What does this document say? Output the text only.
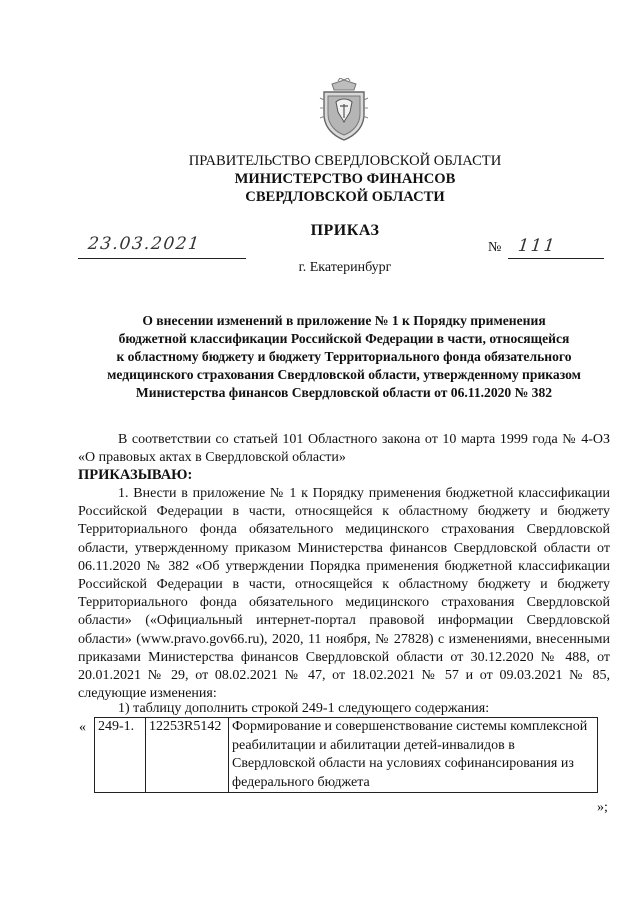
ПРАВИТЕЛЬСТВО СВЕРДЛОВСКОЙ ОБЛАСТИ
МИНИСТЕРСТВО ФИНАНСОВ
СВЕРДЛОВСКОЙ ОБЛАСТИ
ПРИКАЗ
23.03.2021	№ 111
г. Екатеринбург
О внесении изменений в приложение № 1 к Порядку применения
бюджетной классификации Российской Федерации в части, относящейся
к областному бюджету и бюджету Территориального фонда обязательного
медицинского страхования Свердловской области, утвержденному приказом
Министерства финансов Свердловской области от 06.11.2020 № 382

В соответствии со статьей 101 Областного закона от 10 марта 1999 года № 4-ОЗ «О правовых актах в Свердловской области»

ПРИКАЗЫВАЮ:

1. Внести в приложение № 1 к Порядку применения бюджетной классификации Российской Федерации в части, относящейся к областному бюджету и бюджету Территориального фонда обязательного медицинского страхования Свердловской области, утвержденному приказом Министерства финансов Свердловской области от 06.11.2020 № 382 «Об утверждении Порядка применения бюджетной классификации Российской Федерации в части, относящейся к областному бюджету и бюджету Территориального фонда обязательного медицинского страхования Свердловской области» («Официальный интернет-портал правовой информации Свердловской области» (www.pravo.gov66.ru), 2020, 11 ноября, № 27828) с изменениями, внесенными приказами Министерства финансов Свердловской области от 30.12.2020 № 488, от 20.01.2021 № 29, от 08.02.2021 № 47, от 18.02.2021 № 57 и от 09.03.2021 № 85, следующие изменения:

1) таблицу дополнить строкой 249-1 следующего содержания:

« 249-1.	12253R5142	Формирование и совершенствование системы комплексной реабилитации и абилитации детей-инвалидов в Свердловской области на условиях софинансирования из федерального бюджета
»;
